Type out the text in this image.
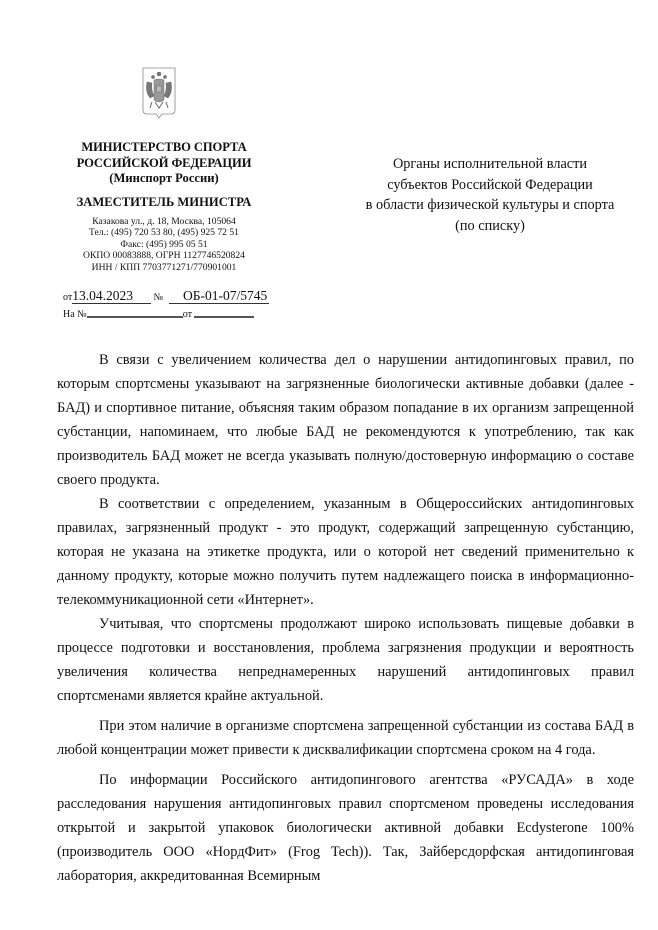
МИНИСТЕРСТВО СПОРТА
РОССИЙСКОЙ ФЕДЕРАЦИИ
(Минспорт России)
ЗАМЕСТИТЕЛЬ МИНИСТРА
Казакова ул., д. 18, Москва, 105064
Тел.: (495) 720 53 80, (495) 925 72 51
Факс: (495) 995 05 51
ОКПО 00083888, ОГРН 1127746520824
ИНН / КПП 7703771271/770901001
от13.04.2023 № ОБ-01-07/5745
На №	от
Органы исполнительной власти
субъектов Российской Федерации
в области физической культуры и спорта
(по списку)

В связи с увеличением количества дел о нарушении антидопинговых правил, по которым спортсмены указывают на загрязненные биологически активные добавки (далее - БАД) и спортивное питание, объясняя таким образом попадание в их организм запрещенной субстанции, напоминаем, что любые БАД не рекомендуются к употреблению, так как производитель БАД может не всегда указывать полную/достоверную информацию о составе своего продукта.

В соответствии с определением, указанным в Общероссийских антидопинговых правилах, загрязненный продукт - это продукт, содержащий запрещенную субстанцию, которая не указана на этикетке продукта, или о которой нет сведений применительно к данному продукту, которые можно получить путем надлежащего поиска в информационно-телекоммуникационной сети «Интернет».

Учитывая, что спортсмены продолжают широко использовать пищевые добавки в процессе подготовки и восстановления, проблема загрязнения продукции и вероятность увеличения количества непреднамеренных нарушений антидопинговых правил спортсменами является крайне актуальной.

При этом наличие в организме спортсмена запрещенной субстанции из состава БАД в любой концентрации может привести к дисквалификации спортсмена сроком на 4 года.

По информации Российского антидопингового агентства «РУСАДА» в ходе расследования нарушения антидопинговых правил спортсменом проведены исследования открытой и закрытой упаковок биологически активной добавки Ecdysterone 100% (производитель ООО «НордФит» (Frog Tech)). Так, Зайберсдорфская антидопинговая лаборатория, аккредитованная Всемирным
